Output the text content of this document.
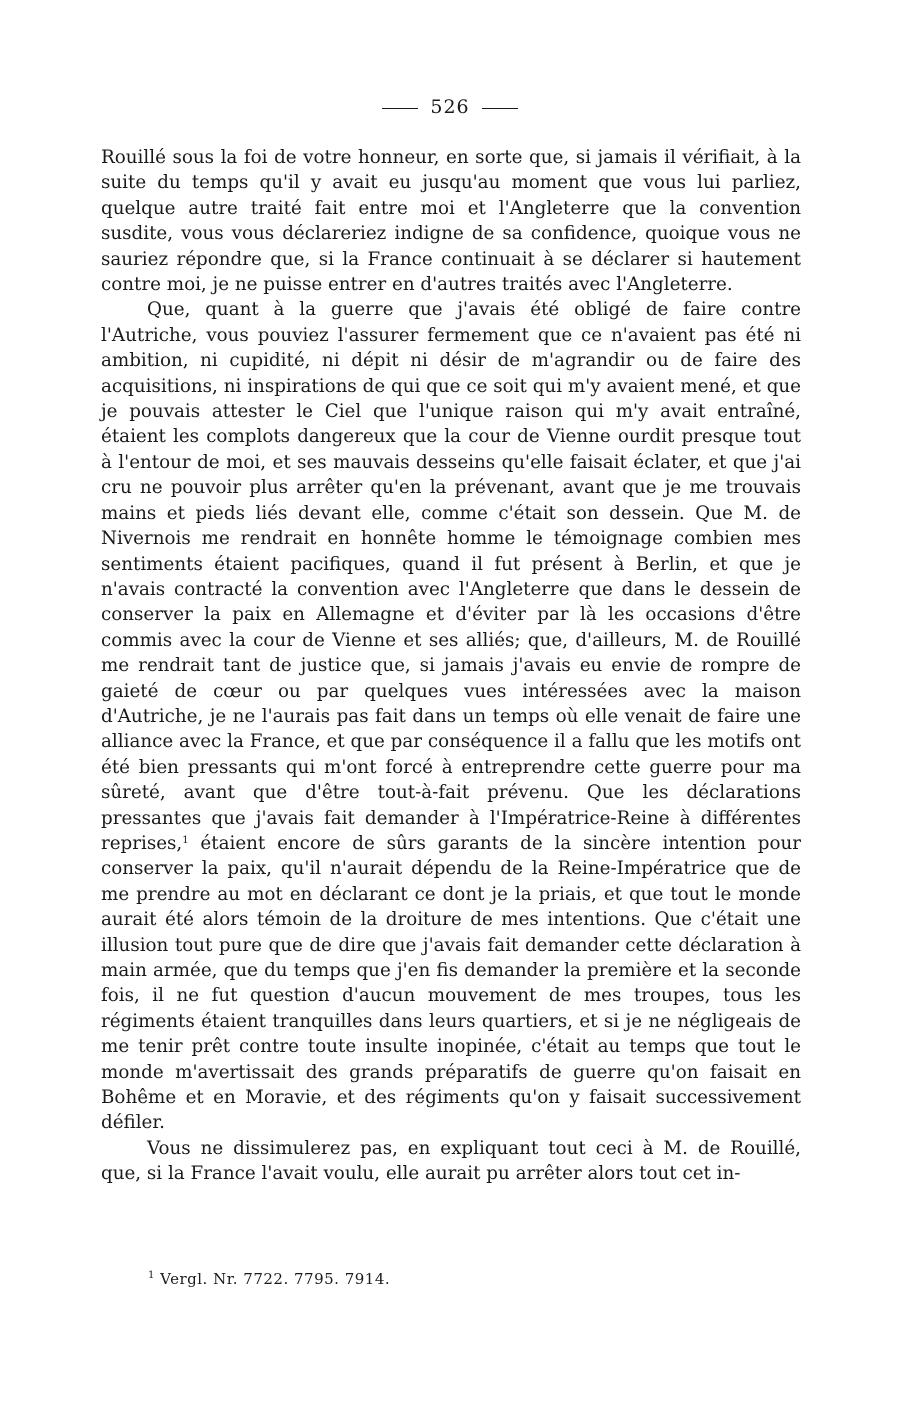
526

Rouillé sous la foi de votre honneur, en sorte que, si jamais il vérifiait, à la suite du temps qu'il y avait eu jusqu'au moment que vous lui parliez, quelque autre traité fait entre moi et l'Angleterre que la convention susdite, vous vous déclareriez indigne de sa confidence, quoique vous ne sauriez répondre que, si la France continuait à se déclarer si hautement contre moi, je ne puisse entrer en d'autres traités avec l'Angleterre.

Que, quant à la guerre que j'avais été obligé de faire contre l'Autriche, vous pouviez l'assurer fermement que ce n'avaient pas été ni ambition, ni cupidité, ni dépit ni désir de m'agrandir ou de faire des acquisitions, ni inspirations de qui que ce soit qui m'y avaient mené, et que je pouvais attester le Ciel que l'unique raison qui m'y avait entraîné, étaient les complots dangereux que la cour de Vienne ourdit presque tout à l'entour de moi, et ses mauvais desseins qu'elle faisait éclater, et que j'ai cru ne pouvoir plus arrêter qu'en la prévenant, avant que je me trouvais mains et pieds liés devant elle, comme c'était son dessein. Que M. de Nivernois me rendrait en honnête homme le témoignage combien mes sentiments étaient pacifiques, quand il fut présent à Berlin, et que je n'avais contracté la convention avec l'Angleterre que dans le dessein de conserver la paix en Allemagne et d'éviter par là les occasions d'être commis avec la cour de Vienne et ses alliés; que, d'ailleurs, M. de Rouillé me rendrait tant de justice que, si jamais j'avais eu envie de rompre de gaieté de cœur ou par quelques vues intéressées avec la maison d'Autriche, je ne l'aurais pas fait dans un temps où elle venait de faire une alliance avec la France, et que par conséquence il a fallu que les motifs ont été bien pressants qui m'ont forcé à entreprendre cette guerre pour ma sûreté, avant que d'être tout-à-fait prévenu. Que les déclarations pressantes que j'avais fait demander à l'Impératrice-Reine à différentes reprises,$^1$ étaient encore de sûrs garants de la sincère intention pour conserver la paix, qu'il n'aurait dépendu de la Reine-Impératrice que de me prendre au mot en déclarant ce dont je la priais, et que tout le monde aurait été alors témoin de la droiture de mes intentions. Que c'était une illusion tout pure que de dire que j'avais fait demander cette déclaration à main armée, que du temps que j'en fis demander la première et la seconde fois, il ne fut question d'aucun mouvement de mes troupes, tous les régiments étaient tranquilles dans leurs quartiers, et si je ne négligeais de me tenir prêt contre toute insulte inopinée, c'était au temps que tout le monde m'avertissait des grands préparatifs de guerre qu'on faisait en Bohême et en Moravie, et des régiments qu'on y faisait successivement défiler.

Vous ne dissimulerez pas, en expliquant tout ceci à M. de Rouillé, que, si la France l'avait voulu, elle aurait pu arrêter alors tout cet in-

$^1$ Vergl. Nr. 7722. 7795. 7914.
